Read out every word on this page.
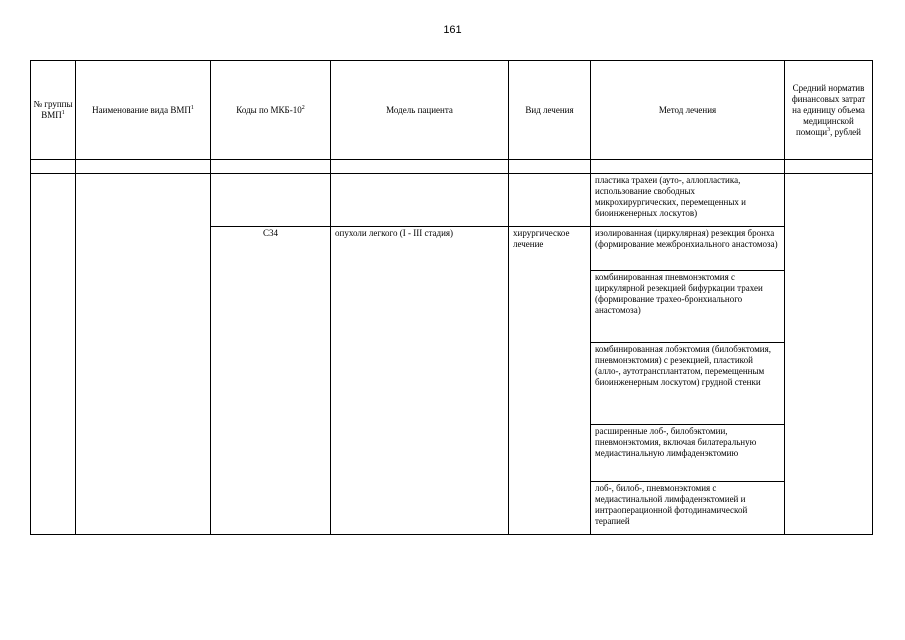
161
№ группы ВМП$^1$	Наименование вида ВМП$^1$	Коды по МКБ-$10^2$	Модель пациента	Вид лечения	Метод лечения	Средний норматив финансовых затрат на единицу объема медицинской помощи$^3$, рублей

					пластика трахеи (ауто-, аллопластика, использование свободных микрохирургических, перемещенных и биоинженерных лоскутов)	
		C34	опухоли легкого (I - III стадия)	хирургическое лечение	изолированная (циркулярная) резекция бронха (формирование межбронхиального анастомоза)	
					комбинированная пневмонэктомия с циркулярной резекцией бифуркации трахеи (формирование трахео-бронхиального анастомоза)	
					комбинированная лобэктомия (билобэктомия, пневмонэктомия) с резекцией, пластикой (алло-, аутотрансплантатом, перемещенным биоинженерным лоскутом) грудной стенки	
					расширенные лоб-, билобэктомии, пневмонэктомия, включая билатеральную медиастинальную лимфаденэктомию	
					лоб-, билоб-, пневмонэктомия с медиастинальной лимфаденэктомией и интраоперационной фотодинамической терапией	
